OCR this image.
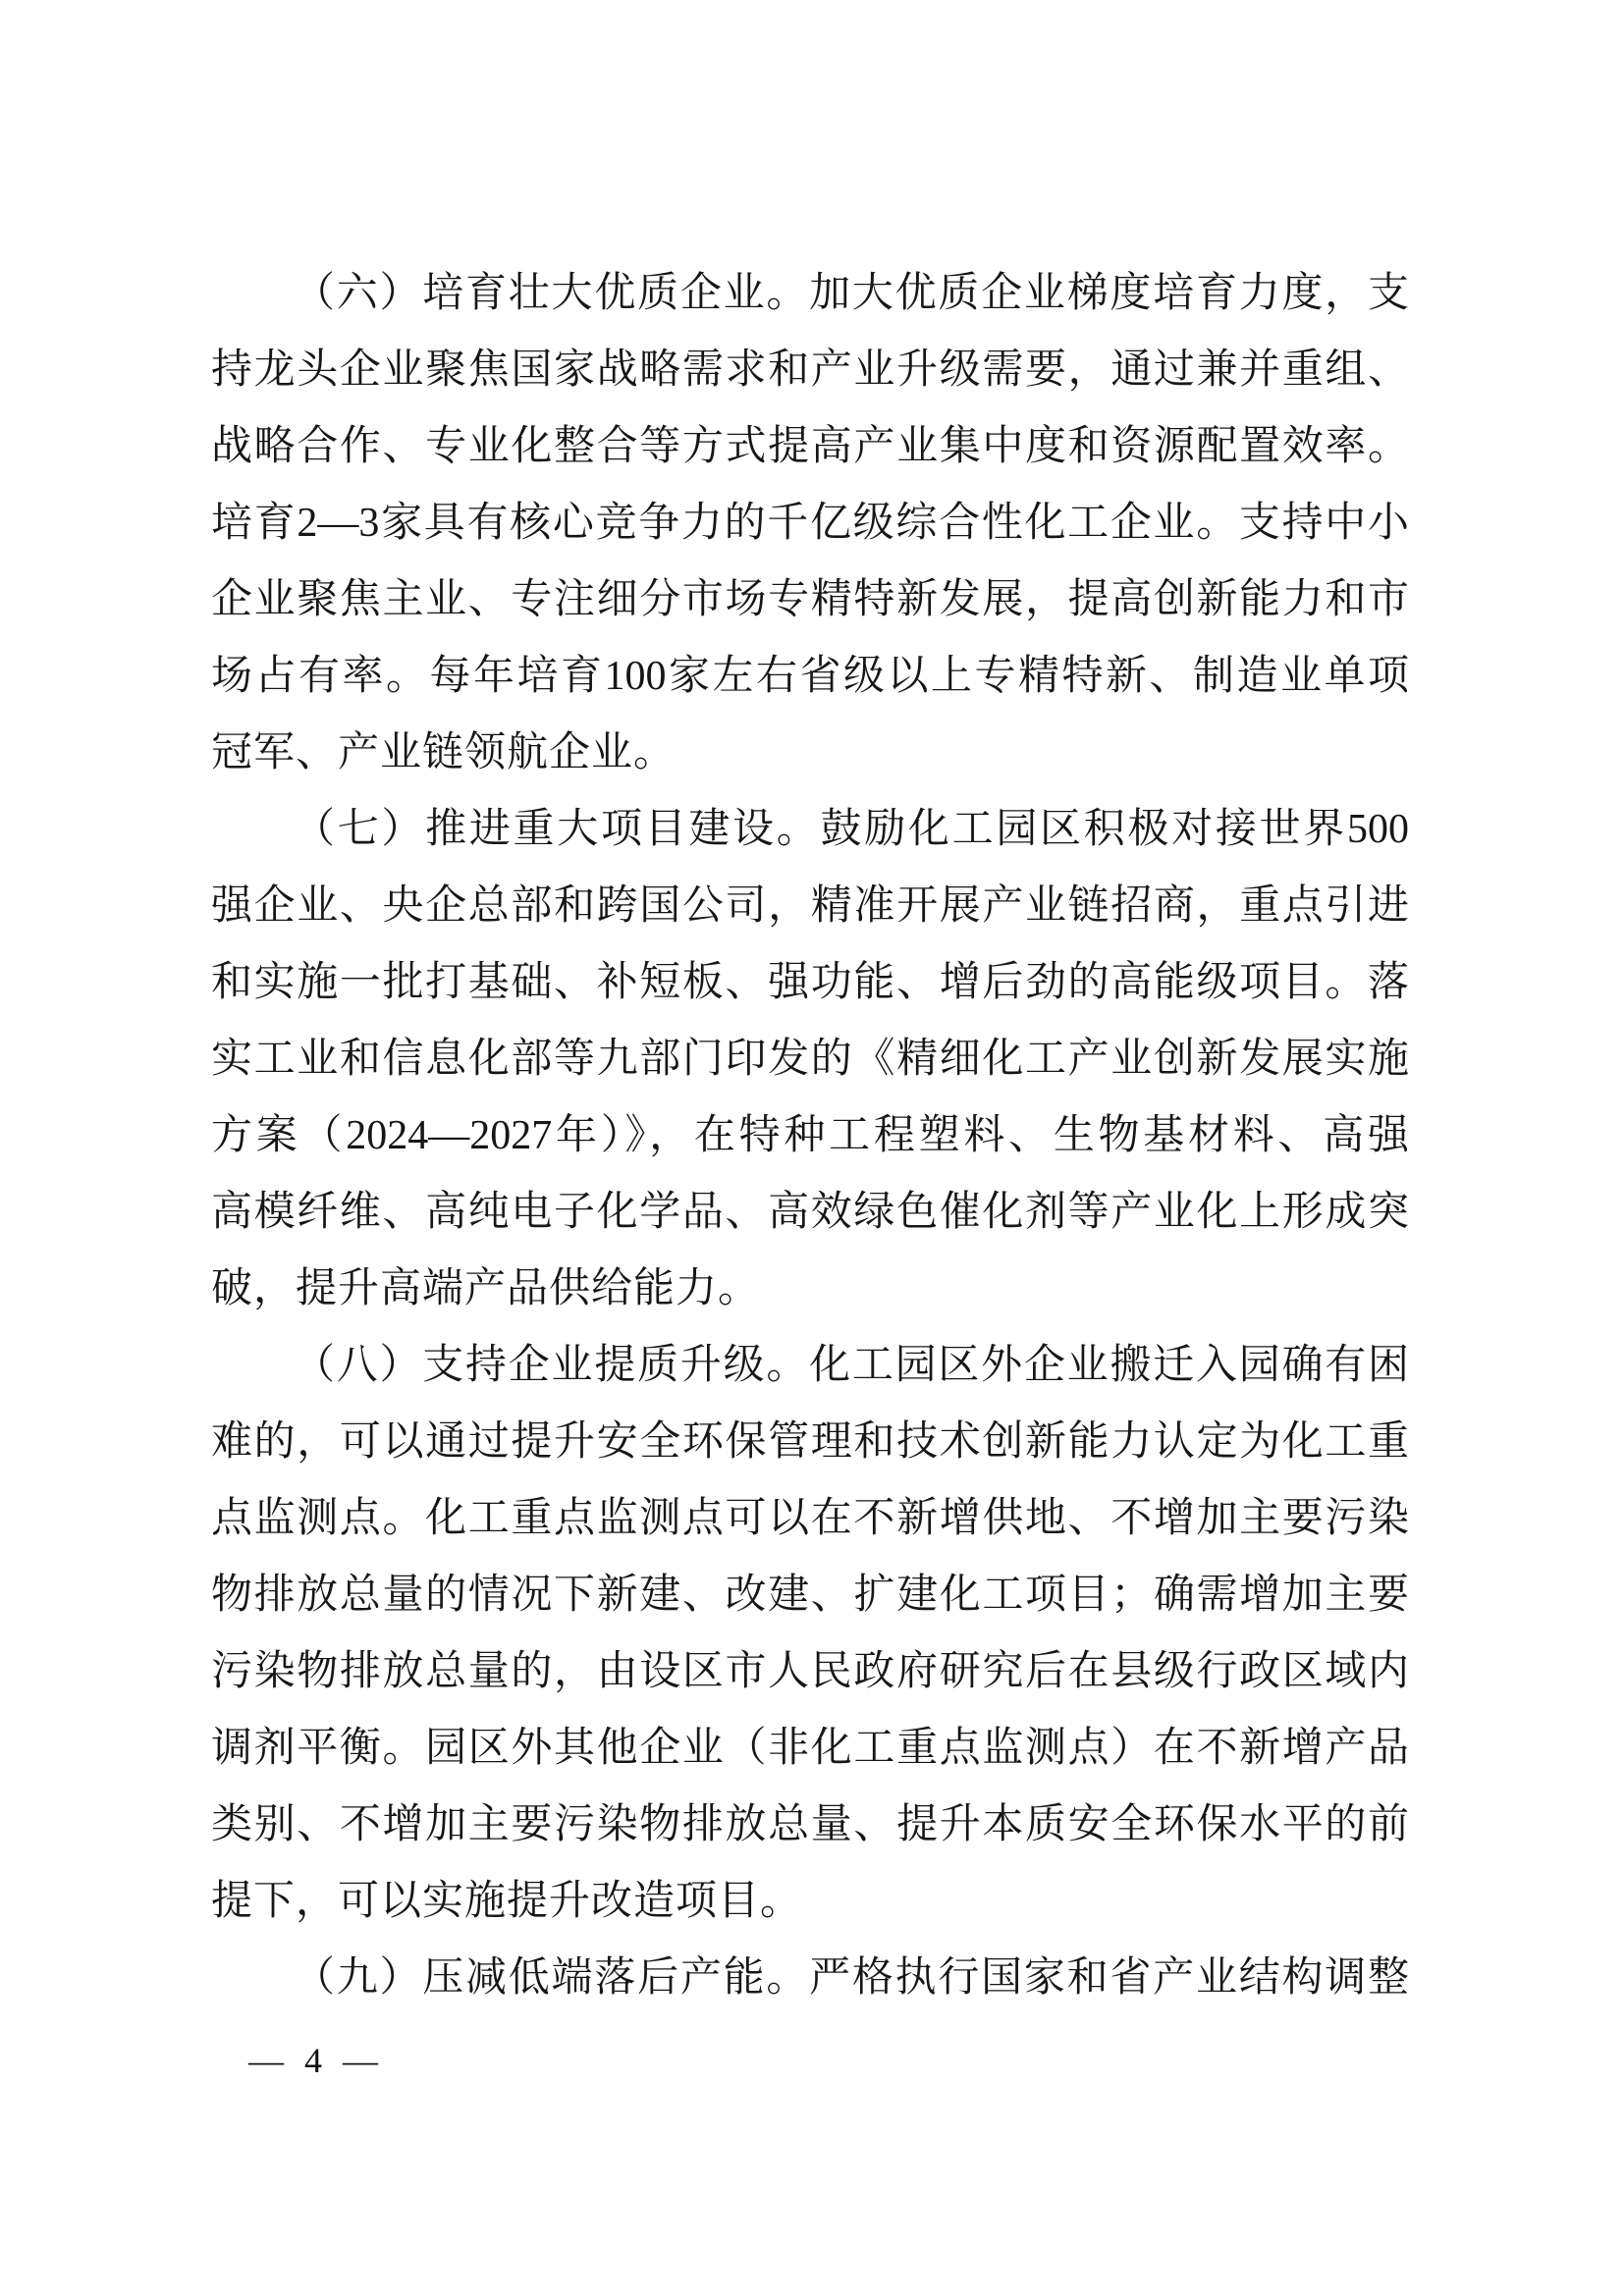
（六）培育壮大优质企业。加大优质企业梯度培育力度，支

持龙头企业聚焦国家战略需求和产业升级需要，通过兼并重组、

战略合作、专业化整合等方式提高产业集中度和资源配置效率。

培育2—3家具有核心竞争力的千亿级综合性化工企业。支持中小

企业聚焦主业、专注细分市场专精特新发展，提高创新能力和市

场占有率。每年培育100家左右省级以上专精特新、制造业单项

冠军、产业链领航企业。

（七）推进重大项目建设。鼓励化工园区积极对接世界500

强企业、央企总部和跨国公司，精准开展产业链招商，重点引进

和实施一批打基础、补短板、强功能、增后劲的高能级项目。落

实工业和信息化部等九部门印发的《精细化工产业创新发展实施

方案（2024—2027年）》，在特种工程塑料、生物基材料、高强

高模纤维、高纯电子化学品、高效绿色催化剂等产业化上形成突

破，提升高端产品供给能力。

（八）支持企业提质升级。化工园区外企业搬迁入园确有困

难的，可以通过提升安全环保管理和技术创新能力认定为化工重

点监测点。化工重点监测点可以在不新增供地、不增加主要污染

物排放总量的情况下新建、改建、扩建化工项目；确需增加主要

污染物排放总量的，由设区市人民政府研究后在县级行政区域内

调剂平衡。园区外其他企业（非化工重点监测点）在不新增产品

类别、不增加主要污染物排放总量、提升本质安全环保水平的前

提下，可以实施提升改造项目。

（九）压减低端落后产能。严格执行国家和省产业结构调整

— 4 —
